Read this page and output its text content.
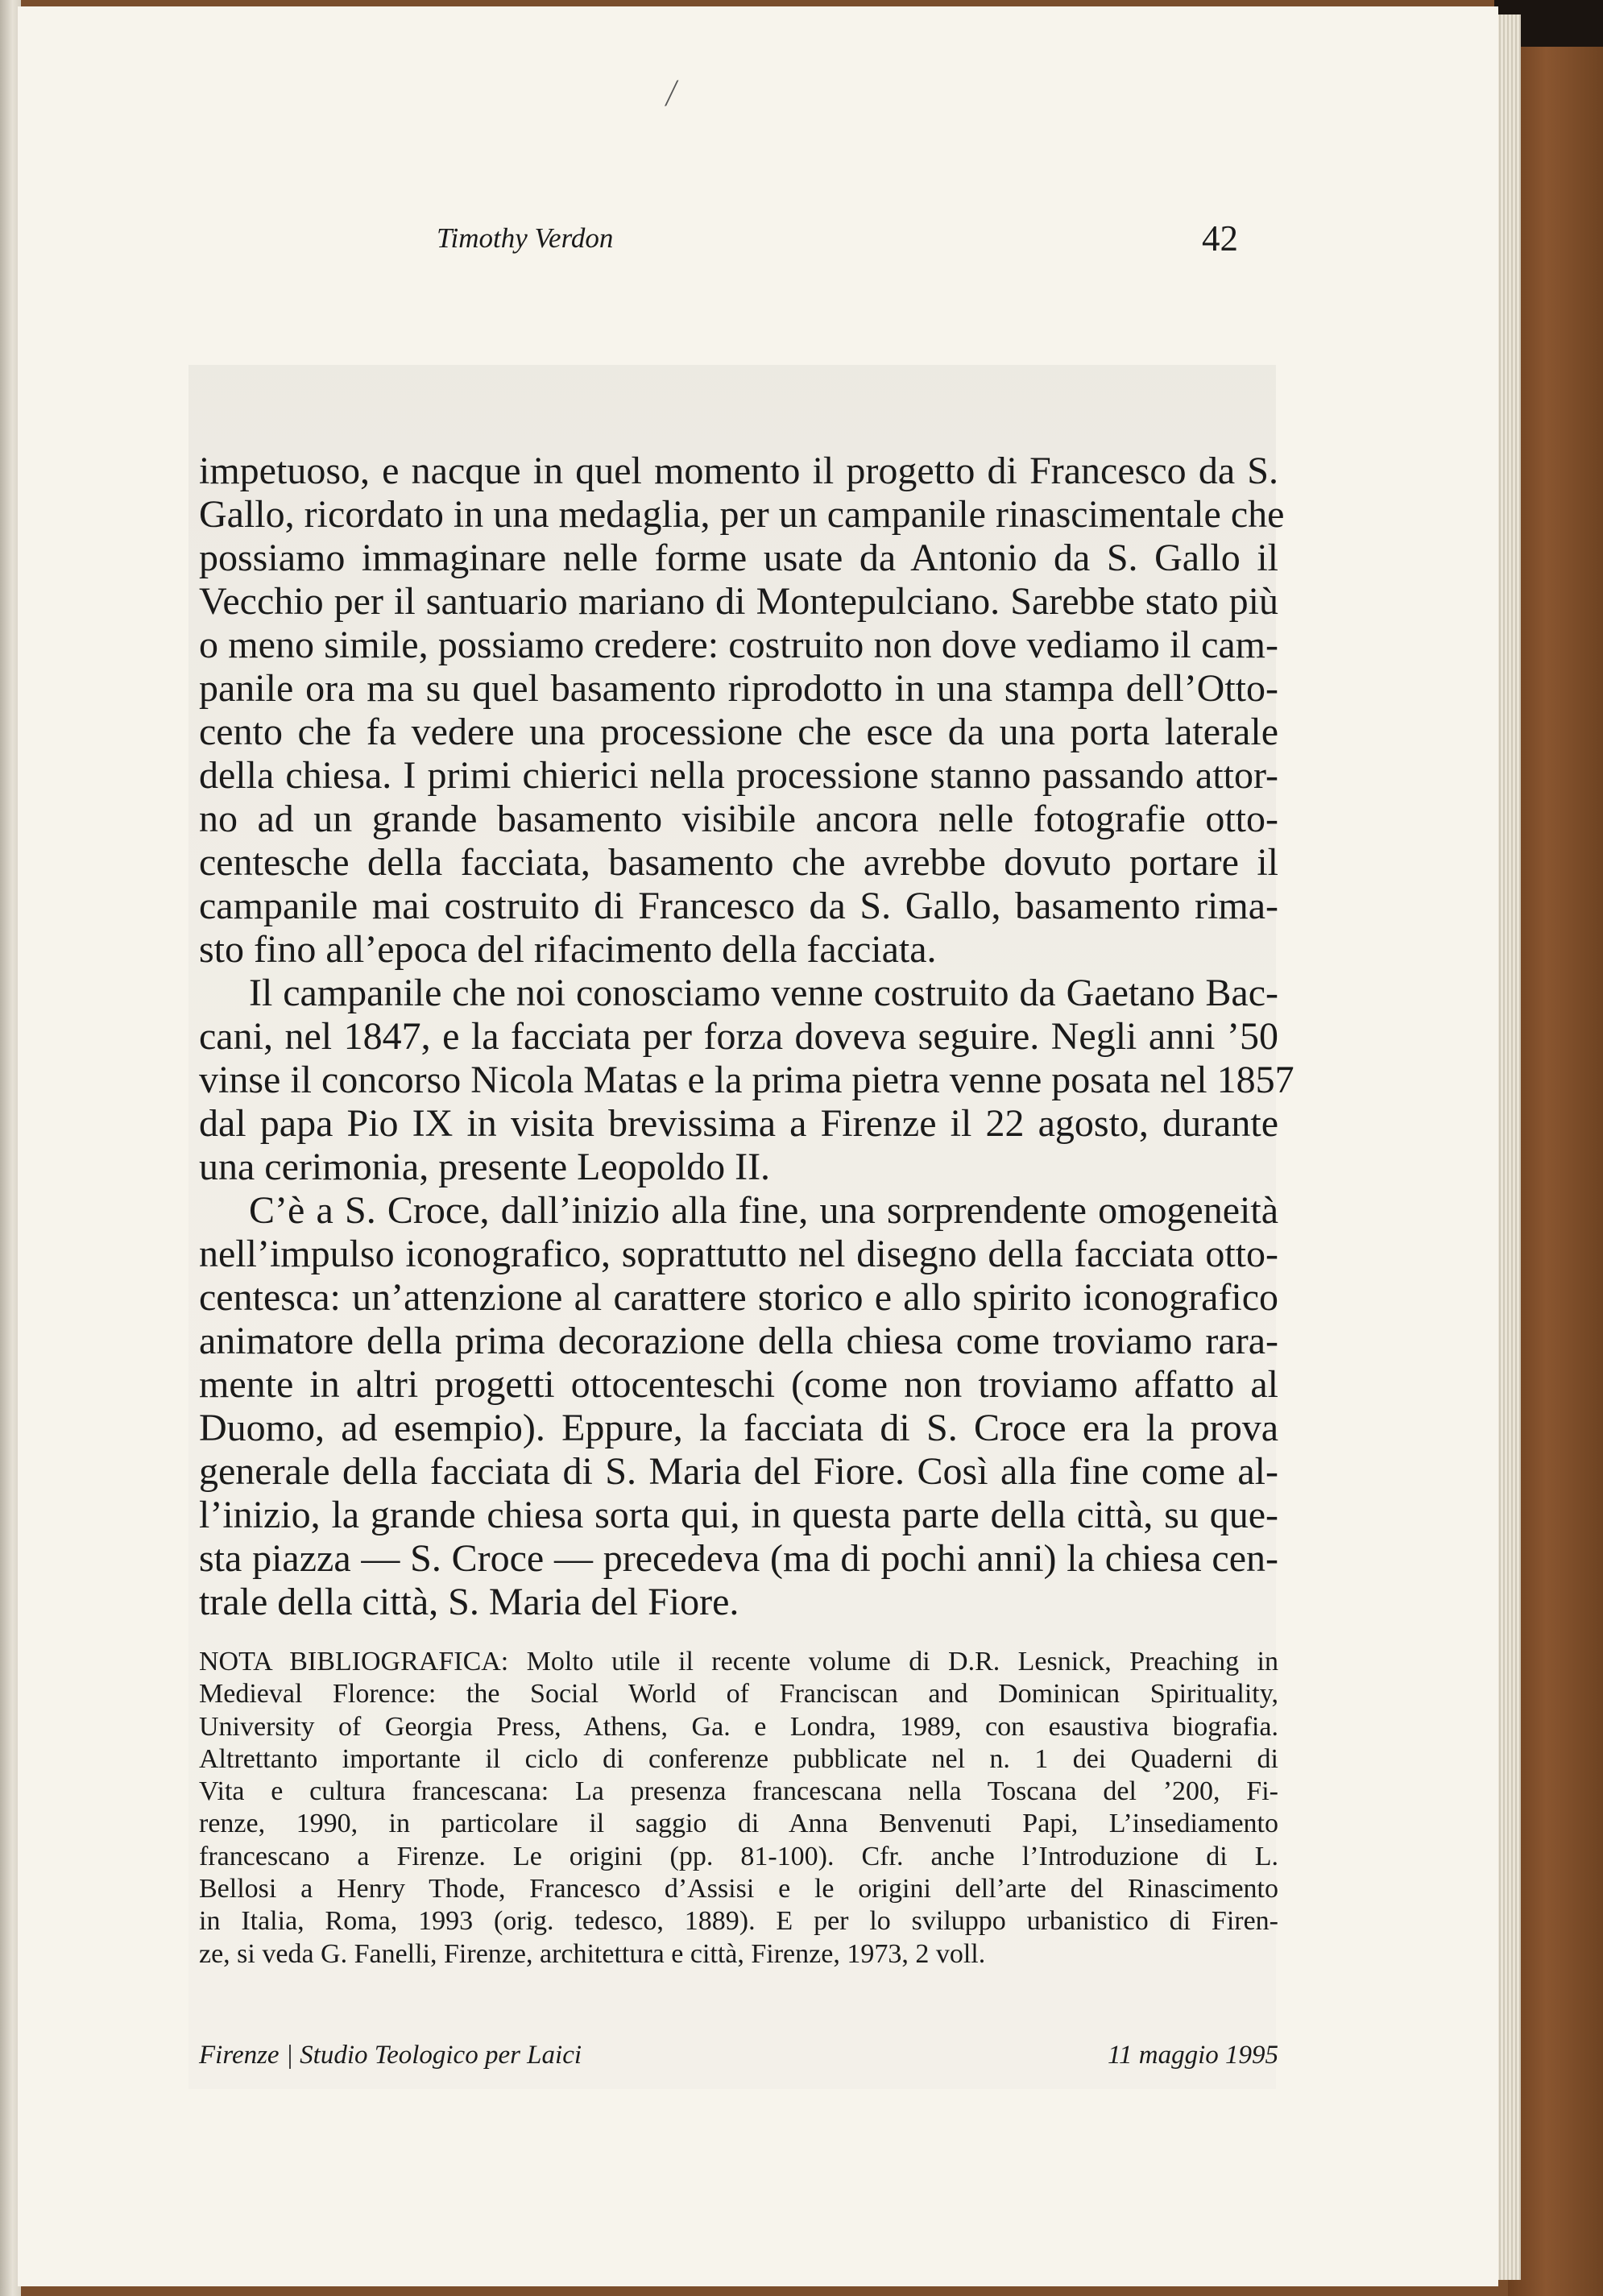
⁄
Timothy Verdon	42
impetuoso, e nacque in quel momento il progetto di Francesco da S.
Gallo, ricordato in una medaglia, per un campanile rinascimentale che
possiamo immaginare nelle forme usate da Antonio da S. Gallo il
Vecchio per il santuario mariano di Montepulciano. Sarebbe stato più
o meno simile, possiamo credere: costruito non dove vediamo il cam-
panile ora ma su quel basamento riprodotto in una stampa dell’Otto-
cento che fa vedere una processione che esce da una porta laterale
della chiesa. I primi chierici nella processione stanno passando attor-
no ad un grande basamento visibile ancora nelle fotografie otto-
centesche della facciata, basamento che avrebbe dovuto portare il
campanile mai costruito di Francesco da S. Gallo, basamento rima-
sto fino all’epoca del rifacimento della facciata.
Il campanile che noi conosciamo venne costruito da Gaetano Bac-
cani, nel 1847, e la facciata per forza doveva seguire. Negli anni ’50
vinse il concorso Nicola Matas e la prima pietra venne posata nel 1857
dal papa Pio IX in visita brevissima a Firenze il 22 agosto, durante
una cerimonia, presente Leopoldo II.
C’è a S. Croce, dall’inizio alla fine, una sorprendente omogeneità
nell’impulso iconografico, soprattutto nel disegno della facciata otto-
centesca: un’attenzione al carattere storico e allo spirito iconografico
animatore della prima decorazione della chiesa come troviamo rara-
mente in altri progetti ottocenteschi (come non troviamo affatto al
Duomo, ad esempio). Eppure, la facciata di S. Croce era la prova
generale della facciata di S. Maria del Fiore. Così alla fine come al-
l’inizio, la grande chiesa sorta qui, in questa parte della città, su que-
sta piazza — S. Croce — precedeva (ma di pochi anni) la chiesa cen-
trale della città, S. Maria del Fiore.
NOTA BIBLIOGRAFICA: Molto utile il recente volume di D.R. Lesnick, Preaching in
Medieval Florence: the Social World of Franciscan and Dominican Spirituality,
University of Georgia Press, Athens, Ga. e Londra, 1989, con esaustiva biografia.
Altrettanto importante il ciclo di conferenze pubblicate nel n. 1 dei Quaderni di
Vita e cultura francescana: La presenza francescana nella Toscana del ’200, Fi-
renze, 1990, in particolare il saggio di Anna Benvenuti Papi, L’insediamento
francescano a Firenze. Le origini (pp. 81-100). Cfr. anche l’Introduzione di L.
Bellosi a Henry Thode, Francesco d’Assisi e le origini dell’arte del Rinascimento
in Italia, Roma, 1993 (orig. tedesco, 1889). E per lo sviluppo urbanistico di Firen-
ze, si veda G. Fanelli, Firenze, architettura e città, Firenze, 1973, 2 voll.
Firenze | Studio Teologico per Laici	11 maggio 1995
